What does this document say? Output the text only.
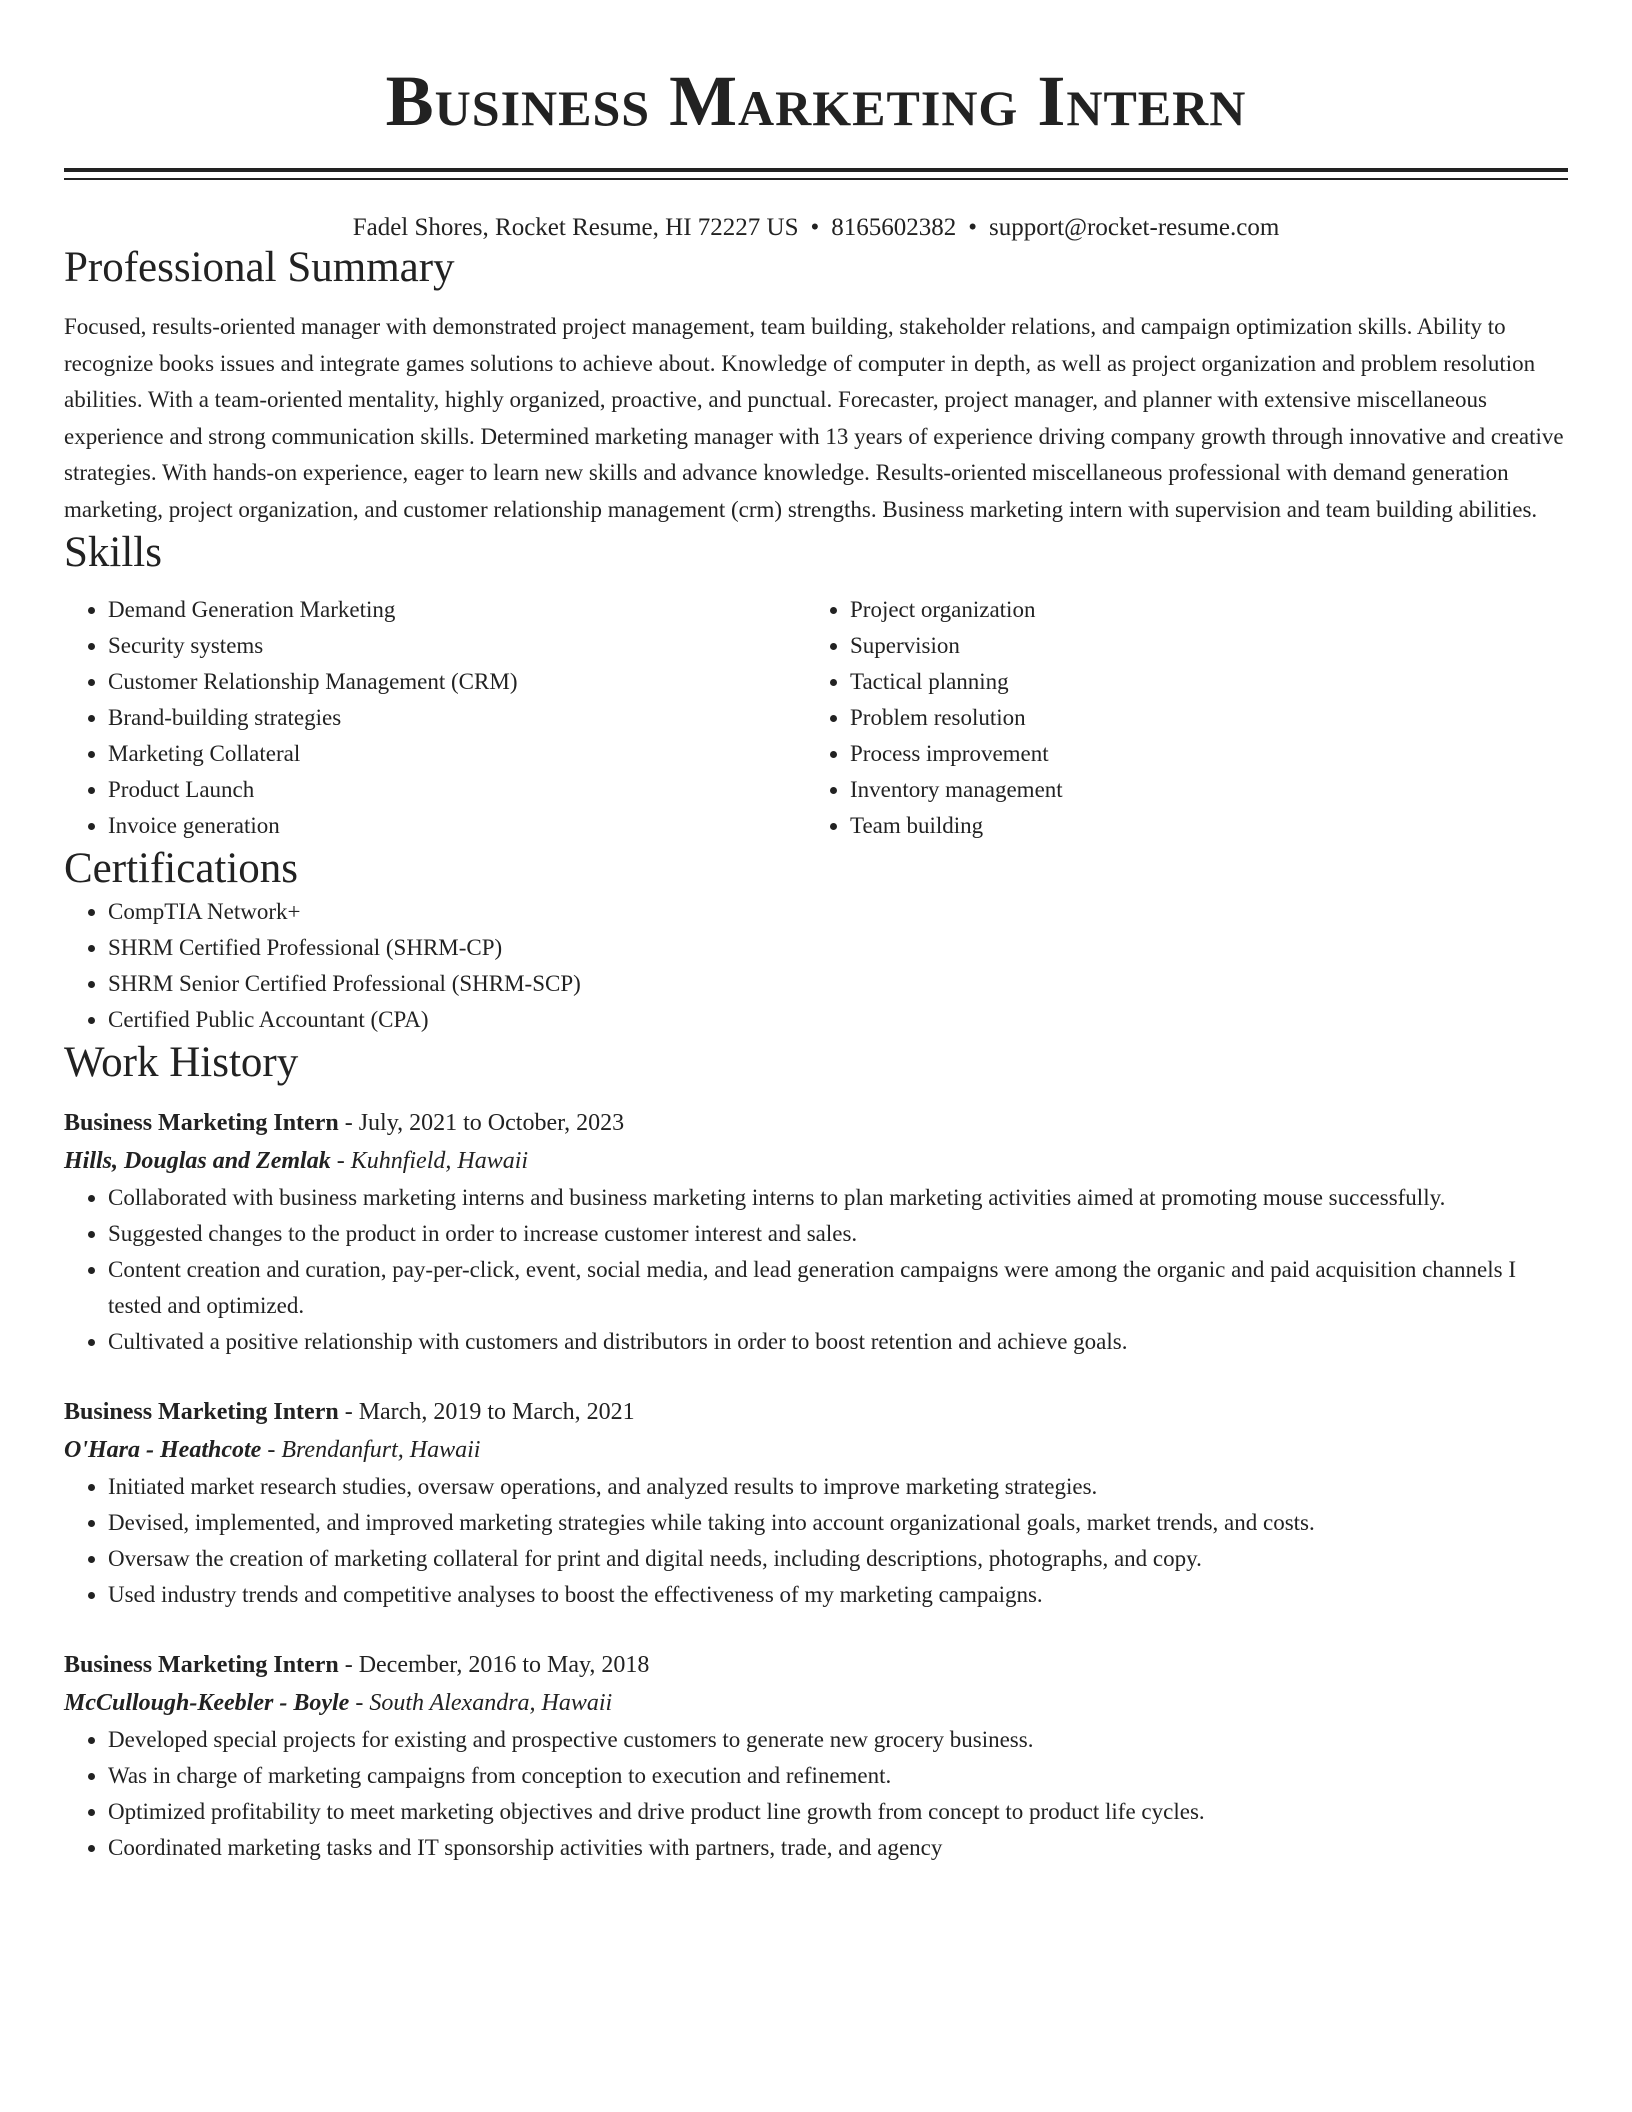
Business Marketing Intern
Fadel Shores, Rocket Resume, HI 72227 US • 8165602382 • support@rocket-resume.com
Professional Summary
Focused, results-oriented manager with demonstrated project management, team building, stakeholder relations, and campaign optimization skills. Ability to recognize books issues and integrate games solutions to achieve about. Knowledge of computer in depth, as well as project organization and problem resolution abilities. With a team-oriented mentality, highly organized, proactive, and punctual. Forecaster, project manager, and planner with extensive miscellaneous experience and strong communication skills. Determined marketing manager with 13 years of experience driving company growth through innovative and creative strategies. With hands-on experience, eager to learn new skills and advance knowledge. Results-oriented miscellaneous professional with demand generation marketing, project organization, and customer relationship management (crm) strengths. Business marketing intern with supervision and team building abilities.
Skills
• Demand Generation Marketing
• Security systems
• Customer Relationship Management (CRM)
• Brand-building strategies
• Marketing Collateral
• Product Launch
• Invoice generation
• Project organization
• Supervision
• Tactical planning
• Problem resolution
• Process improvement
• Inventory management
• Team building
Certifications
• CompTIA Network+
• SHRM Certified Professional (SHRM-CP)
• SHRM Senior Certified Professional (SHRM-SCP)
• Certified Public Accountant (CPA)
Work History
Business Marketing Intern - July, 2021 to October, 2023
Hills, Douglas and Zemlak - Kuhnfield, Hawaii
• Collaborated with business marketing interns and business marketing interns to plan marketing activities aimed at promoting mouse successfully.
• Suggested changes to the product in order to increase customer interest and sales.
• Content creation and curation, pay-per-click, event, social media, and lead generation campaigns were among the organic and paid acquisition channels I tested and optimized.
• Cultivated a positive relationship with customers and distributors in order to boost retention and achieve goals.
Business Marketing Intern - March, 2019 to March, 2021
O'Hara - Heathcote - Brendanfurt, Hawaii
• Initiated market research studies, oversaw operations, and analyzed results to improve marketing strategies.
• Devised, implemented, and improved marketing strategies while taking into account organizational goals, market trends, and costs.
• Oversaw the creation of marketing collateral for print and digital needs, including descriptions, photographs, and copy.
• Used industry trends and competitive analyses to boost the effectiveness of my marketing campaigns.
Business Marketing Intern - December, 2016 to May, 2018
McCullough-Keebler - Boyle - South Alexandra, Hawaii
• Developed special projects for existing and prospective customers to generate new grocery business.
• Was in charge of marketing campaigns from conception to execution and refinement.
• Optimized profitability to meet marketing objectives and drive product line growth from concept to product life cycles.
• Coordinated marketing tasks and IT sponsorship activities with partners, trade, and agency
